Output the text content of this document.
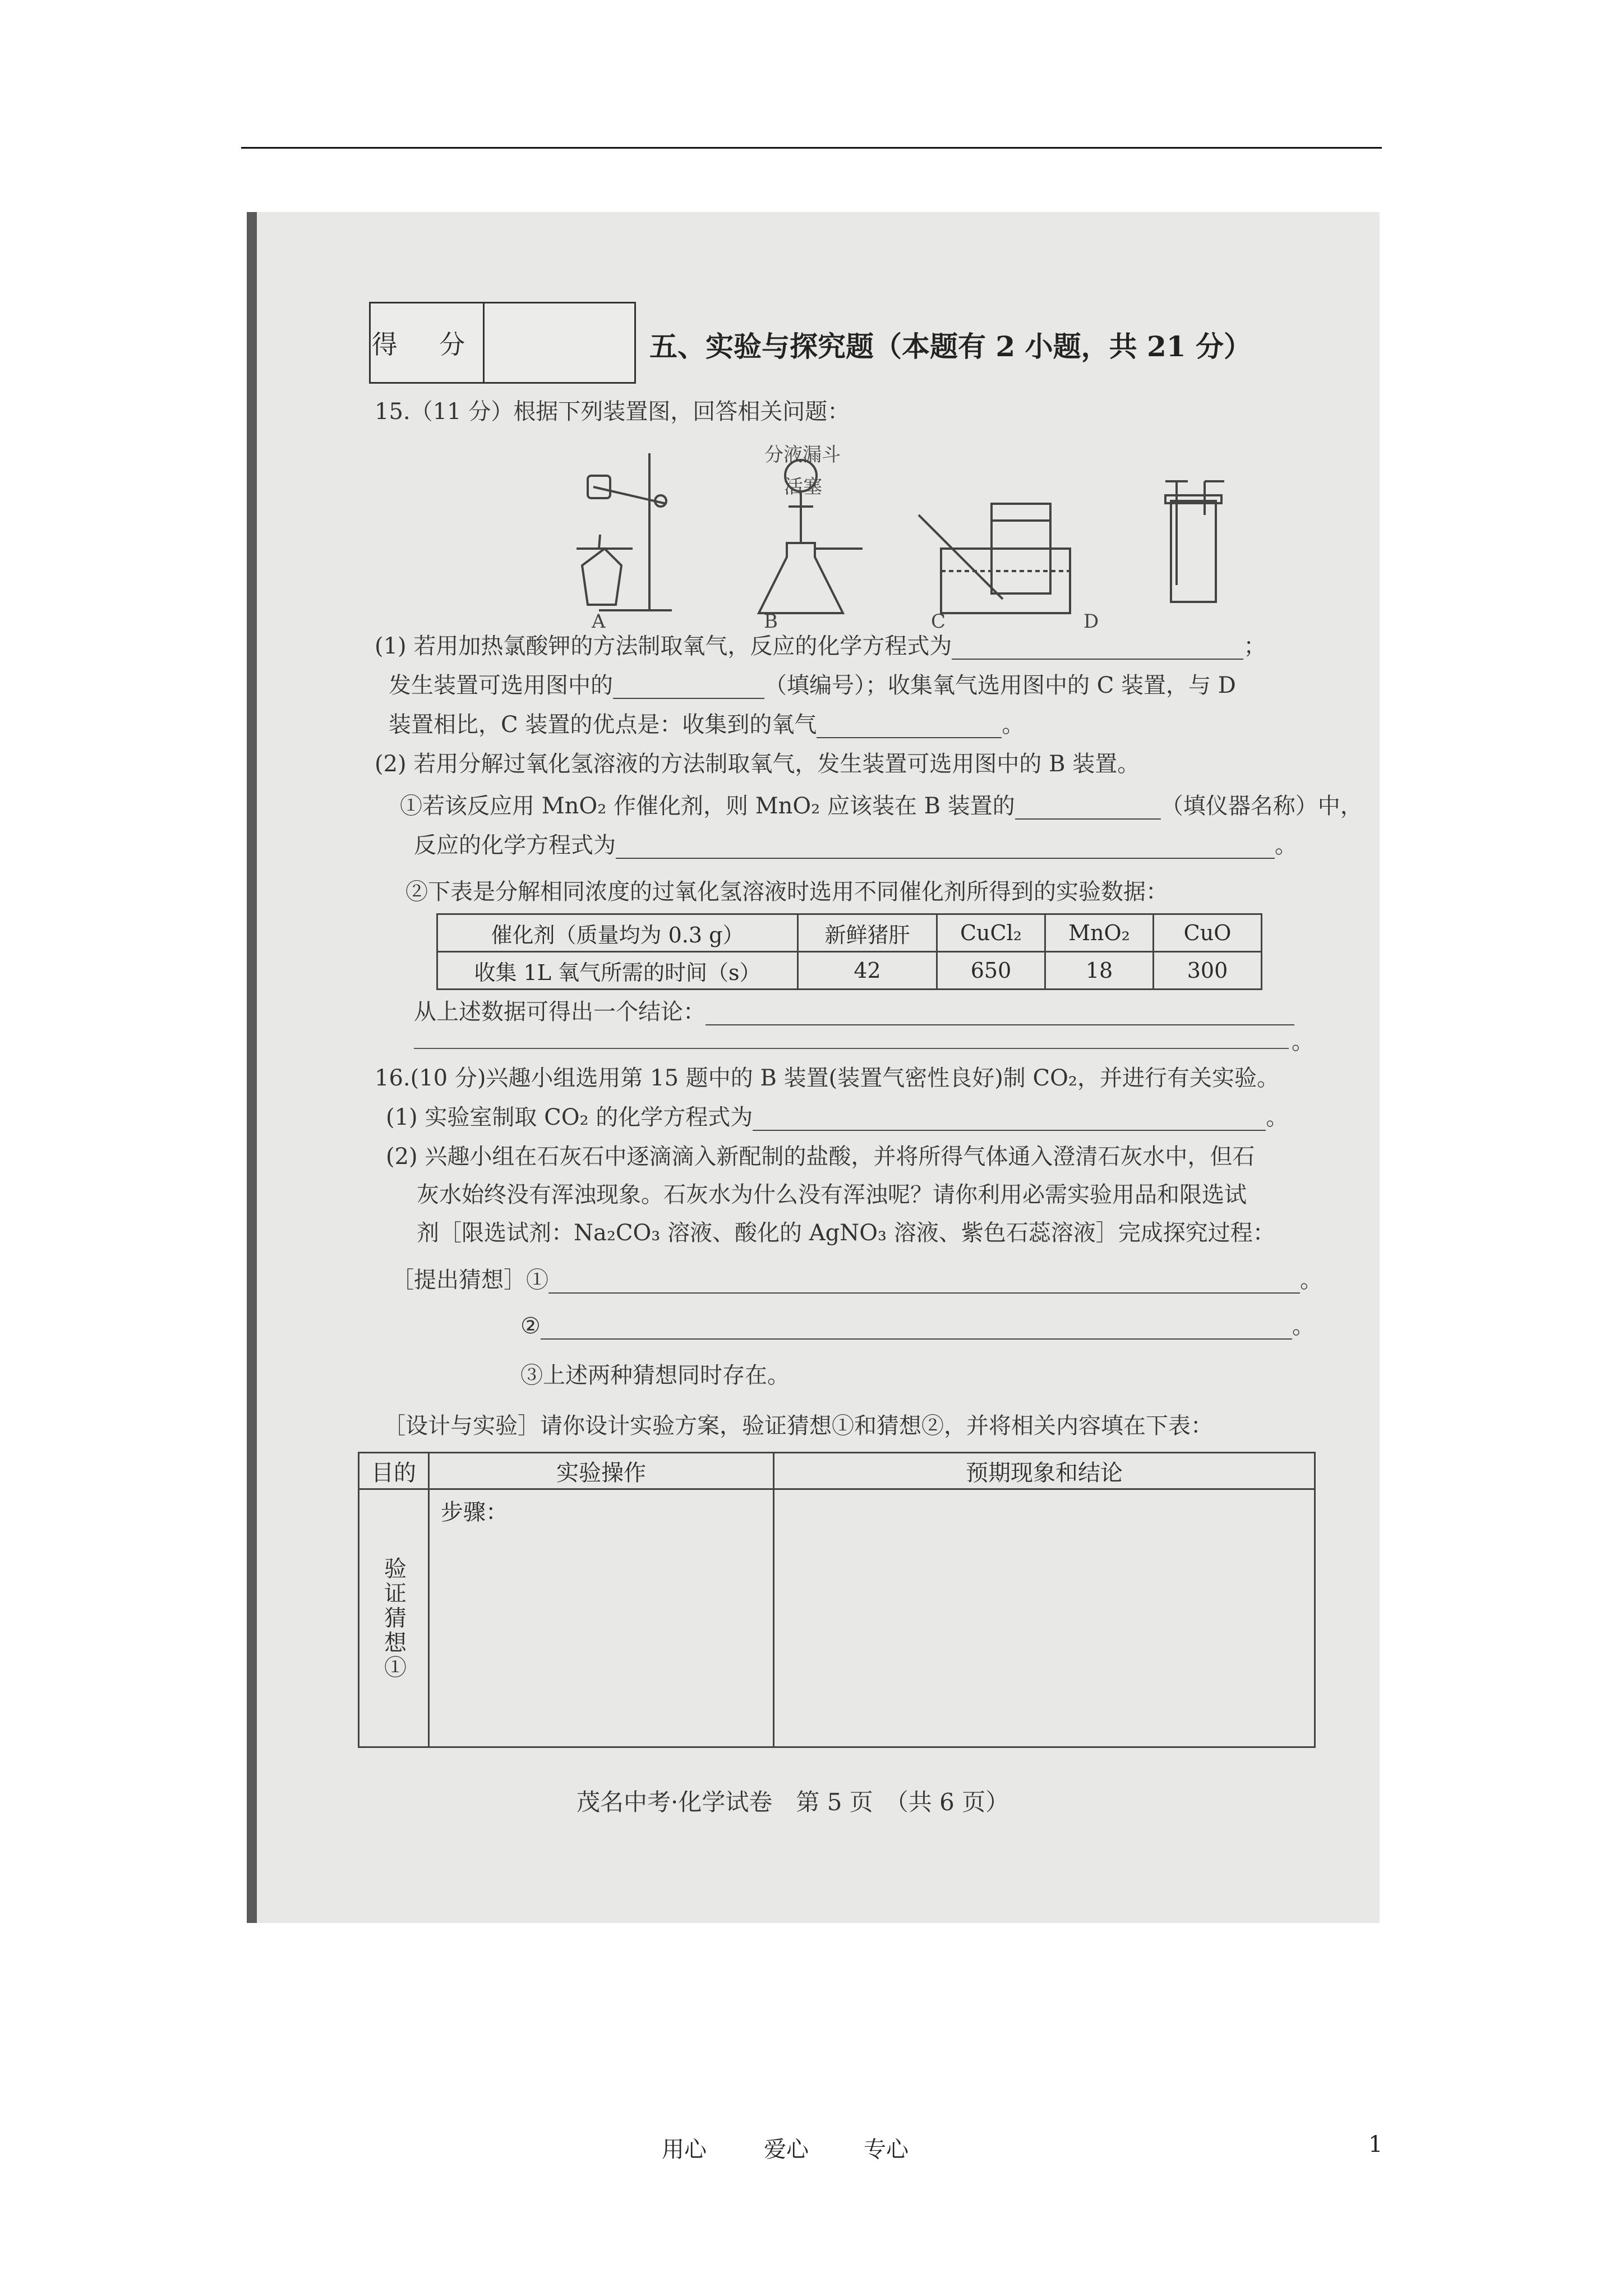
得 分	五、实验与探究题（本题有 2 小题，共 21 分）
15.（11 分）根据下列装置图，回答相关问题：
分液漏斗
活塞
A	B	C	D
(1) 若用加热氯酸钾的方法制取氧气，反应的化学方程式为	；
发生装置可选用图中的	（填编号）；收集氧气选用图中的 C 装置，与 D
装置相比，C 装置的优点是：收集到的氧气	。
(2) 若用分解过氧化氢溶液的方法制取氧气，发生装置可选用图中的 B 装置。
①若该反应用 MnO₂ 作催化剂，则 MnO₂ 应该装在 B 装置的	（填仪器名称）中，
反应的化学方程式为	。
②下表是分解相同浓度的过氧化氢溶液时选用不同催化剂所得到的实验数据：
催化剂（质量均为 0.3 g）	新鲜猪肝	CuCl₂	MnO₂	CuO
收集 1L 氧气所需的时间（s）	42	650	18	300
从上述数据可得出一个结论：
。
16.(10 分)兴趣小组选用第 15 题中的 B 装置(装置气密性良好)制 CO₂，并进行有关实验。
(1) 实验室制取 CO₂ 的化学方程式为	。
(2) 兴趣小组在石灰石中逐滴滴入新配制的盐酸，并将所得气体通入澄清石灰水中，但石
灰水始终没有浑浊现象。石灰水为什么没有浑浊呢？请你利用必需实验用品和限选试
剂［限选试剂：Na₂CO₃ 溶液、酸化的 AgNO₃ 溶液、紫色石蕊溶液］完成探究过程：
［提出猜想］①	。
②	。
③上述两种猜想同时存在。
［设计与实验］请你设计实验方案，验证猜想①和猜想②，并将相关内容填在下表：
目的	实验操作	预期现象和结论

验证猜想①	步骤：	
茂名中考·化学试卷　第 5 页　（共 6 页）
用心	爱心 专心	1
